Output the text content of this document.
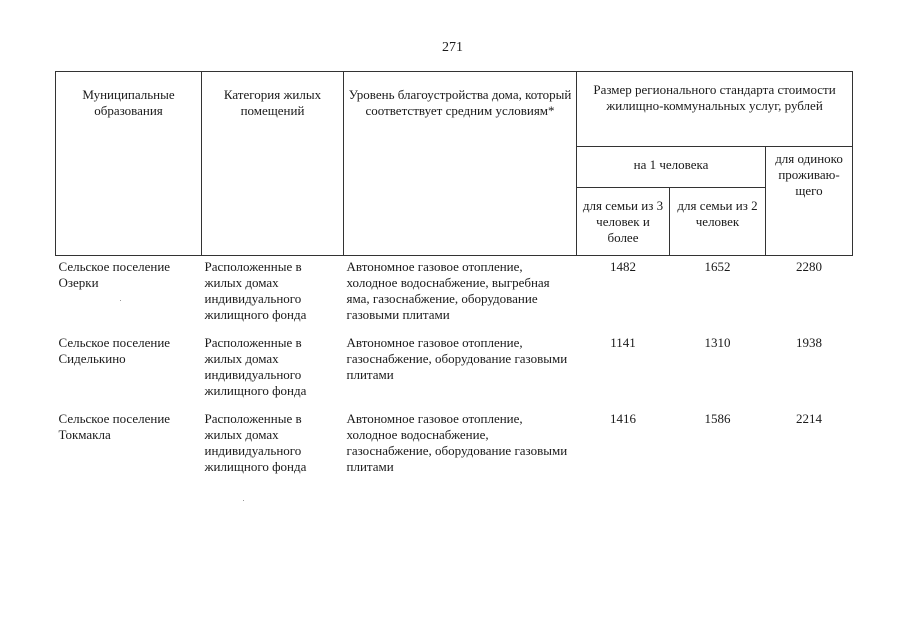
271
Муниципальные образования	Категория жилых помещений	Уровень благоустройства дома, который соответствует средним условиям*	Размер регионального стандарта стоимости жилищно-коммунальных услуг, рублей		
			на 1 человека		для одиноко проживаю-щего
			для семьи из 3 человек и более	для семьи из 2 человек	
Сельское поселение Озерки	Расположенные в жилых домах индивидуального жилищного фонда	Автономное газовое отопление, холодное водоснабжение, выгребная яма, газоснабжение, оборудование газовыми плитами	1482	1652	2280
Сельское поселение Сиделькино	Расположенные в жилых домах индивидуального жилищного фонда	Автономное газовое отопление, газоснабжение, оборудование газовыми плитами	1141	1310	1938
Сельское поселение Токмакла	Расположенные в жилых домах индивидуального жилищного фонда	Автономное газовое отопление, холодное водоснабжение, газоснабжение, оборудование газовыми плитами	1416	1586	2214
